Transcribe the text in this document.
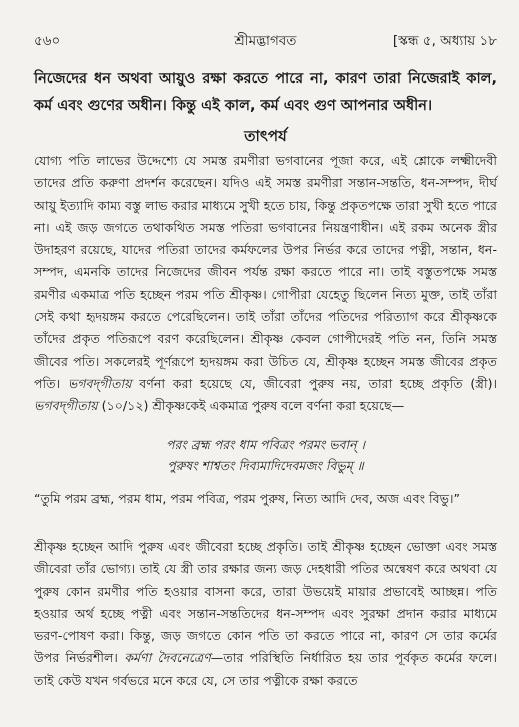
৫৬০	শ্রীমদ্ভাগবত	[স্কন্ধ ৫, অধ্যায় ১৮
নিজেদের ধন অথবা আয়ুও রক্ষা করতে পারে না, কারণ তারা নিজেরাই কাল, কর্ম এবং গুণের অধীন। কিন্তু এই কাল, কর্ম এবং গুণ আপনার অধীন।
তাৎপর্য
যোগ্য পতি লাভের উদ্দেশ্যে যে সমস্ত রমণীরা ভগবানের পূজা করে, এই শ্লোকে লক্ষ্মীদেবী তাদের প্রতি করুণা প্রদর্শন করেছেন। যদিও এই সমস্ত রমণীরা সন্তান-সন্ততি, ধন-সম্পদ, দীর্ঘ আয়ু ইত্যাদি কাম্য বস্তু লাভ করার মাধ্যমে সুখী হতে চায়, কিন্তু প্রকৃতপক্ষে তারা সুখী হতে পারে না। এই জড় জগতে তথাকথিত সমস্ত পতিরা ভগবানের নিয়ন্ত্রণাধীন। এই রকম অনেক স্ত্রীর উদাহরণ রয়েছে, যাদের পতিরা তাদের কর্মফলের উপর নির্ভর করে তাদের পত্নী, সন্তান, ধন-সম্পদ, এমনকি তাদের নিজেদের জীবন পর্যন্ত রক্ষা করতে পারে না। তাই বস্তুতপক্ষে সমস্ত রমণীর একমাত্র পতি হচ্ছেন পরম পতি শ্রীকৃষ্ণ। গোপীরা যেহেতু ছিলেন নিত্য মুক্ত, তাই তাঁরা সেই কথা হৃদয়ঙ্গম করতে পেরেছিলেন। তাই তাঁরা তাঁদের পতিদের পরিত্যাগ করে শ্রীকৃষ্ণকে তাঁদের প্রকৃত পতিরূপে বরণ করেছিলেন। শ্রীকৃষ্ণ কেবল গোপীদেরই পতি নন, তিনি সমস্ত জীবের পতি। সকলেরই পূর্ণরূপে হৃদয়ঙ্গম করা উচিত যে, শ্রীকৃষ্ণ হচ্ছেন সমস্ত জীবের প্রকৃত পতি। ভগবদ্‌গীতায় বর্ণনা করা হয়েছে যে, জীবেরা পুরুষ নয়, তারা হচ্ছে প্রকৃতি (স্ত্রী)। ভগবদ্‌গীতায় (১০/১২) শ্রীকৃষ্ণকেই একমাত্র পুরুষ বলে বর্ণনা করা হয়েছে—
পরং ব্রহ্ম পরং ধাম পবিত্রং পরমং ভবান্‌ ।
পুরুষং শাশ্বতং দিব্যমাদিদেবমজং বিভুম্‌ ॥
“তুমি পরম ব্রহ্ম, পরম ধাম, পরম পবিত্র, পরম পুরুষ, নিত্য আদি দেব, অজ এবং বিভু।”
শ্রীকৃষ্ণ হচ্ছেন আদি পুরুষ এবং জীবেরা হচ্ছে প্রকৃতি। তাই শ্রীকৃষ্ণ হচ্ছেন ভোক্তা এবং সমস্ত জীবেরা তাঁর ভোগ্য। তাই যে স্ত্রী তার রক্ষার জন্য জড় দেহধারী পতির অন্বেষণ করে অথবা যে পুরুষ কোন রমণীর পতি হওয়ার বাসনা করে, তারা উভয়েই মায়ার প্রভাবেই আচ্ছন্ন। পতি হওয়ার অর্থ হচ্ছে পত্নী এবং সন্তান-সন্ততিদের ধন-সম্পদ এবং সুরক্ষা প্রদান করার মাধ্যমে ভরণ-পোষণ করা। কিন্তু, জড় জগতে কোন পতি তা করতে পারে না, কারণ সে তার কর্মের উপর নির্ভরশীল। কর্মণা দৈবনেত্রেণ—তার পরিস্থিতি নির্ধারিত হয় তার পূর্বকৃত কর্মের ফলে। তাই কেউ যখন গর্বভরে মনে করে যে, সে তার পত্নীকে রক্ষা করতে
